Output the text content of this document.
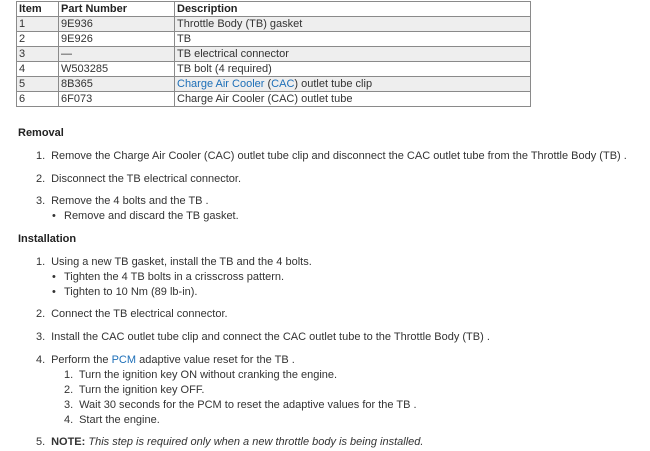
Item	Part Number	Description
1	9E936	Throttle Body (TB) gasket
2	9E926	TB
3	—	TB electrical connector
4	W503285	TB bolt (4 required)
5	8B365	Charge Air Cooler (CAC) outlet tube clip
6	6F073	Charge Air Cooler (CAC) outlet tube
Removal
1. Remove the Charge Air Cooler (CAC) outlet tube clip and disconnect the CAC outlet tube from the Throttle Body (TB) .
2. Disconnect the TB electrical connector.
3. Remove the 4 bolts and the TB .
• Remove and discard the TB gasket.
Installation
1. Using a new TB gasket, install the TB and the 4 bolts.
• Tighten the 4 TB bolts in a crisscross pattern.
• Tighten to 10 Nm (89 lb-in).
2. Connect the TB electrical connector.
3. Install the CAC outlet tube clip and connect the CAC outlet tube to the Throttle Body (TB) .
4. Perform the PCM adaptive value reset for the TB .
1. Turn the ignition key ON without cranking the engine.
2. Turn the ignition key OFF.
3. Wait 30 seconds for the PCM to reset the adaptive values for the TB .
4. Start the engine.
5. NOTE: This step is required only when a new throttle body is being installed.
